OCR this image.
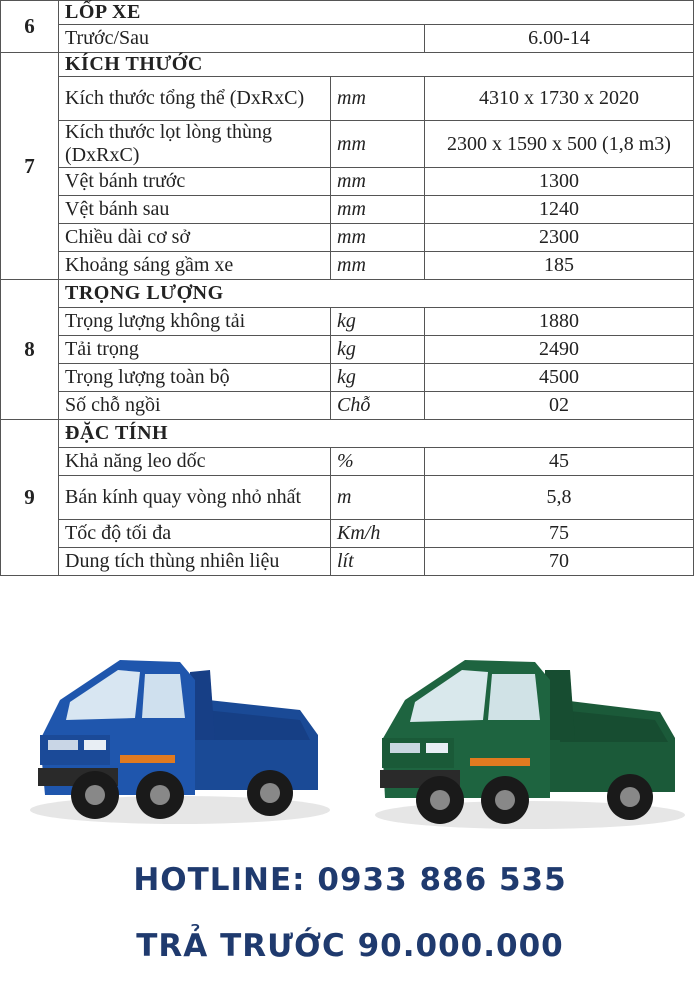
6	LỐP XE		
	Trước/Sau		6.00-14
7	KÍCH THƯỚC		
	Kích thước tổng thể (DxRxC)	mm	4310 x 1730 x 2020
	Kích thước lọt lòng thùng (DxRxC)	mm	2300 x 1590 x 500 (1,8 m3)
	Vệt bánh trước	mm	1300
	Vệt bánh sau	mm	1240
	Chiều dài cơ sở	mm	2300
	Khoảng sáng gầm xe	mm	185
8	TRỌNG LƯỢNG		
	Trọng lượng không tải	kg	1880
	Tải trọng	kg	2490
	Trọng lượng toàn bộ	kg	4500
	Số chỗ ngồi	Chỗ	02
9	ĐẶC TÍNH		
	Khả năng leo dốc	%	45
	Bán kính quay vòng nhỏ nhất	m	5,8
	Tốc độ tối đa	Km/h	75
	Dung tích thùng nhiên liệu	lít	70
HOTLINE: 0933 886 535
TRẢ TRƯỚC 90.000.000
